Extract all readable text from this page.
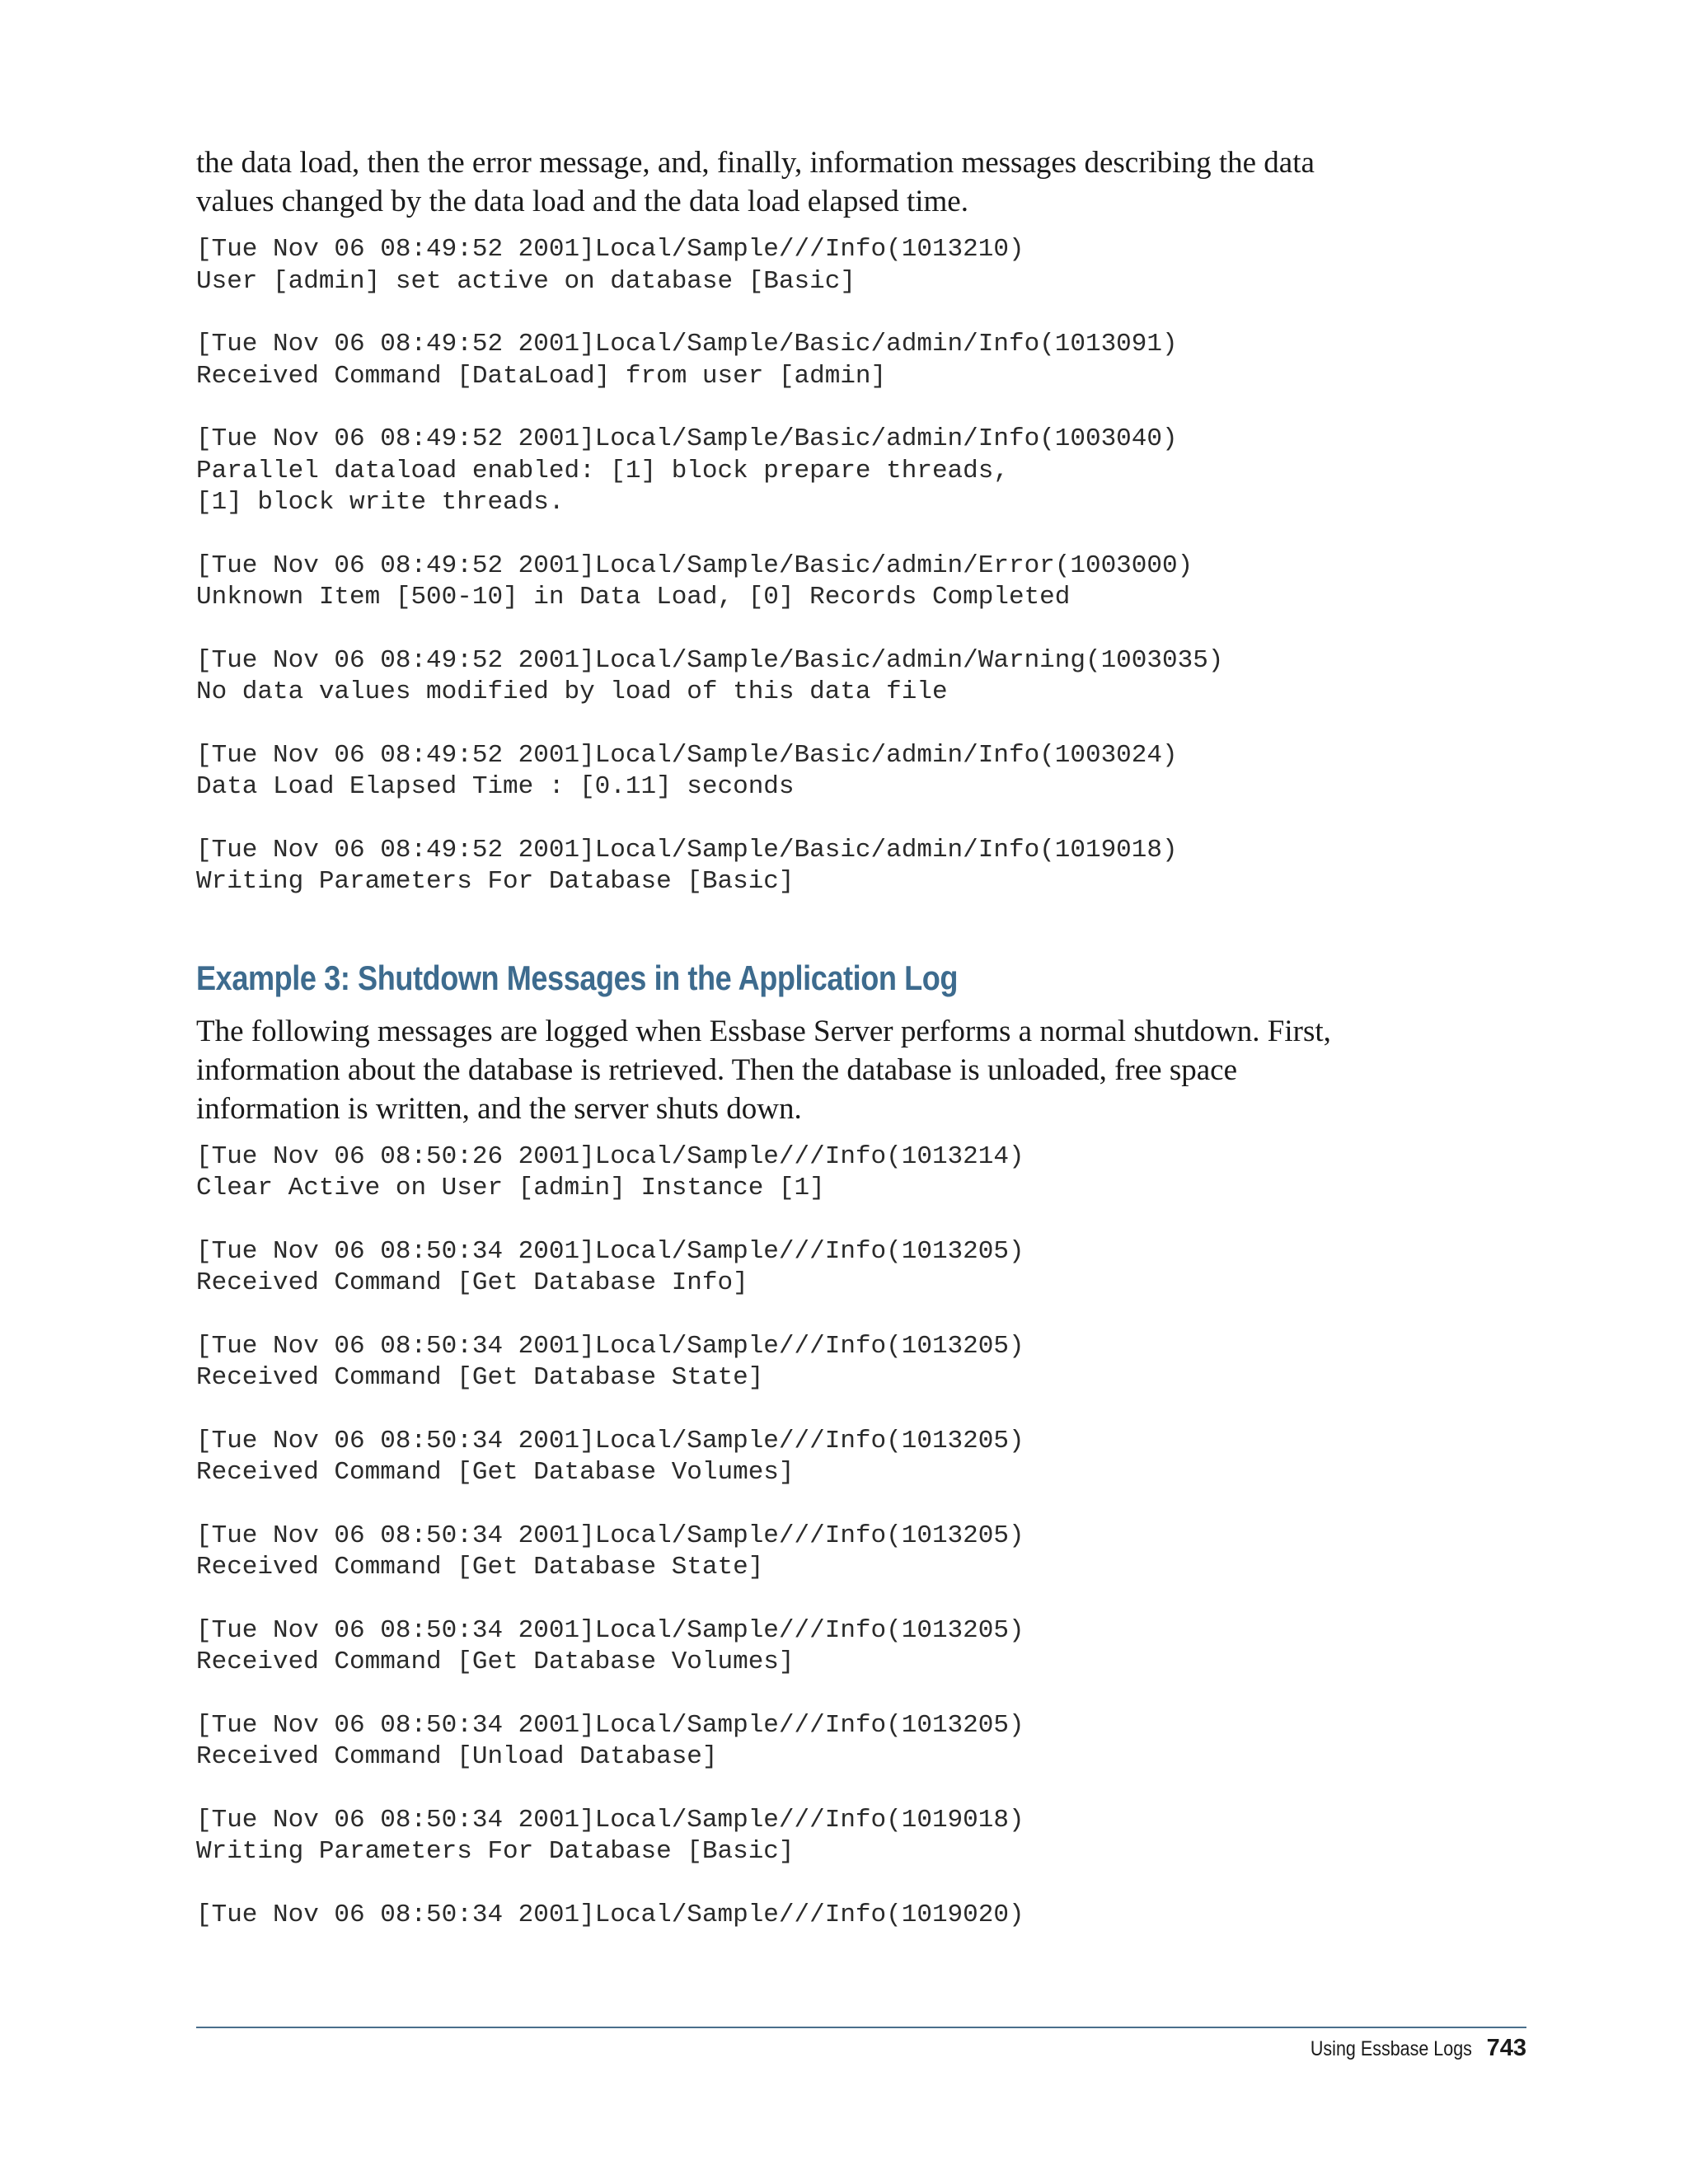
the data load, then the error message, and, finally, information messages describing the data
values changed by the data load and the data load elapsed time.

[Tue Nov 06 08:49:52 2001]Local/Sample///Info(1013210)
User [admin] set active on database [Basic]
[Tue Nov 06 08:49:52 2001]Local/Sample/Basic/admin/Info(1013091)
Received Command [DataLoad] from user [admin]
[Tue Nov 06 08:49:52 2001]Local/Sample/Basic/admin/Info(1003040)
Parallel dataload enabled: [1] block prepare threads,
[1] block write threads.
[Tue Nov 06 08:49:52 2001]Local/Sample/Basic/admin/Error(1003000)
Unknown Item [500-10] in Data Load, [0] Records Completed
[Tue Nov 06 08:49:52 2001]Local/Sample/Basic/admin/Warning(1003035)
No data values modified by load of this data file
[Tue Nov 06 08:49:52 2001]Local/Sample/Basic/admin/Info(1003024)
Data Load Elapsed Time : [0.11] seconds
[Tue Nov 06 08:49:52 2001]Local/Sample/Basic/admin/Info(1019018)
Writing Parameters For Database [Basic]
Example 3: Shutdown Messages in the Application Log

The following messages are logged when Essbase Server performs a normal shutdown. First,
information about the database is retrieved. Then the database is unloaded, free space
information is written, and the server shuts down.

[Tue Nov 06 08:50:26 2001]Local/Sample///Info(1013214)
Clear Active on User [admin] Instance [1]
[Tue Nov 06 08:50:34 2001]Local/Sample///Info(1013205)
Received Command [Get Database Info]
[Tue Nov 06 08:50:34 2001]Local/Sample///Info(1013205)
Received Command [Get Database State]
[Tue Nov 06 08:50:34 2001]Local/Sample///Info(1013205)
Received Command [Get Database Volumes]
[Tue Nov 06 08:50:34 2001]Local/Sample///Info(1013205)
Received Command [Get Database State]
[Tue Nov 06 08:50:34 2001]Local/Sample///Info(1013205)
Received Command [Get Database Volumes]
[Tue Nov 06 08:50:34 2001]Local/Sample///Info(1013205)
Received Command [Unload Database]
[Tue Nov 06 08:50:34 2001]Local/Sample///Info(1019018)
Writing Parameters For Database [Basic]
[Tue Nov 06 08:50:34 2001]Local/Sample///Info(1019020)
Using Essbase Logs 743
